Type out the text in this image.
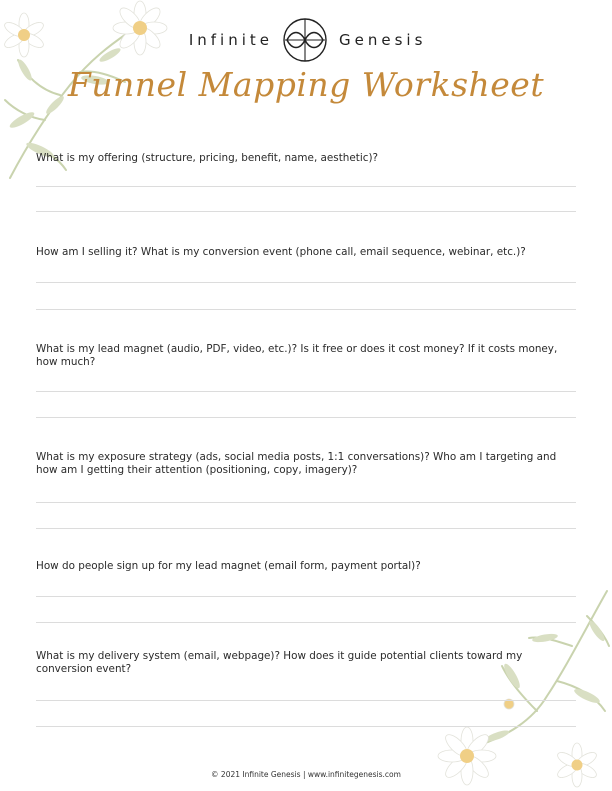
Infinite	Genesis
Funnel Mapping Worksheet
What is my offering (structure, pricing, benefit, name, aesthetic)?
How am I selling it? What is my conversion event (phone call, email sequence, webinar, etc.)?
What is my lead magnet (audio, PDF, video, etc.)? Is it free or does it cost money? If it costs money, how much?
What is my exposure strategy (ads, social media posts, 1:1 conversations)? Who am I targeting and how am I getting their attention (positioning, copy, imagery)?
How do people sign up for my lead magnet (email form, payment portal)?
What is my delivery system (email, webpage)? How does it guide potential clients toward my conversion event?
© 2021 Infinite Genesis | www.infinitegenesis.com
